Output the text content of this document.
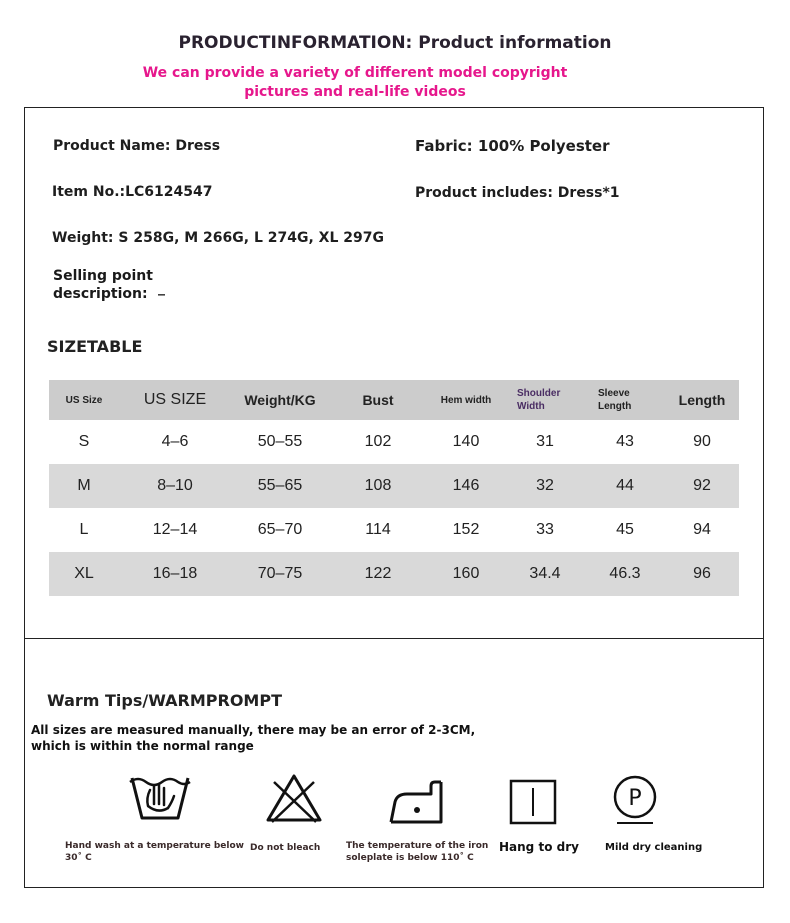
PRODUCTINFORMATION: Product information
We can provide a variety of different model copyright
pictures and real-life videos
Product Name: Dress	Fabric: 100% Polyester
Item No.:LC6124547	Product includes: Dress*1
Weight: S 258G, M 266G, L 274G, XL 297G
Selling point
description: _
SIZETABLE
US Size	US SIZE	Weight/KG	Bust	Hem width	Shoulder Width	Sleeve Length	Length
S	4–6	50–55	102	140	31	43	90
M	8–10	55–65	108	146	32	44	92
L	12–14	65–70	114	152	33	45	94
XL	16–18	70–75	122	160	34.4	46.3	96
Warm Tips/WARMPROMPT
All sizes are measured manually, there may be an error of 2-3CM,
which is within the normal range
Hand wash at a temperature below
30˚ C
Do not bleach	The temperature of the iron
soleplate is below 110˚ C
Hang to dry
P
Mild dry cleaning
